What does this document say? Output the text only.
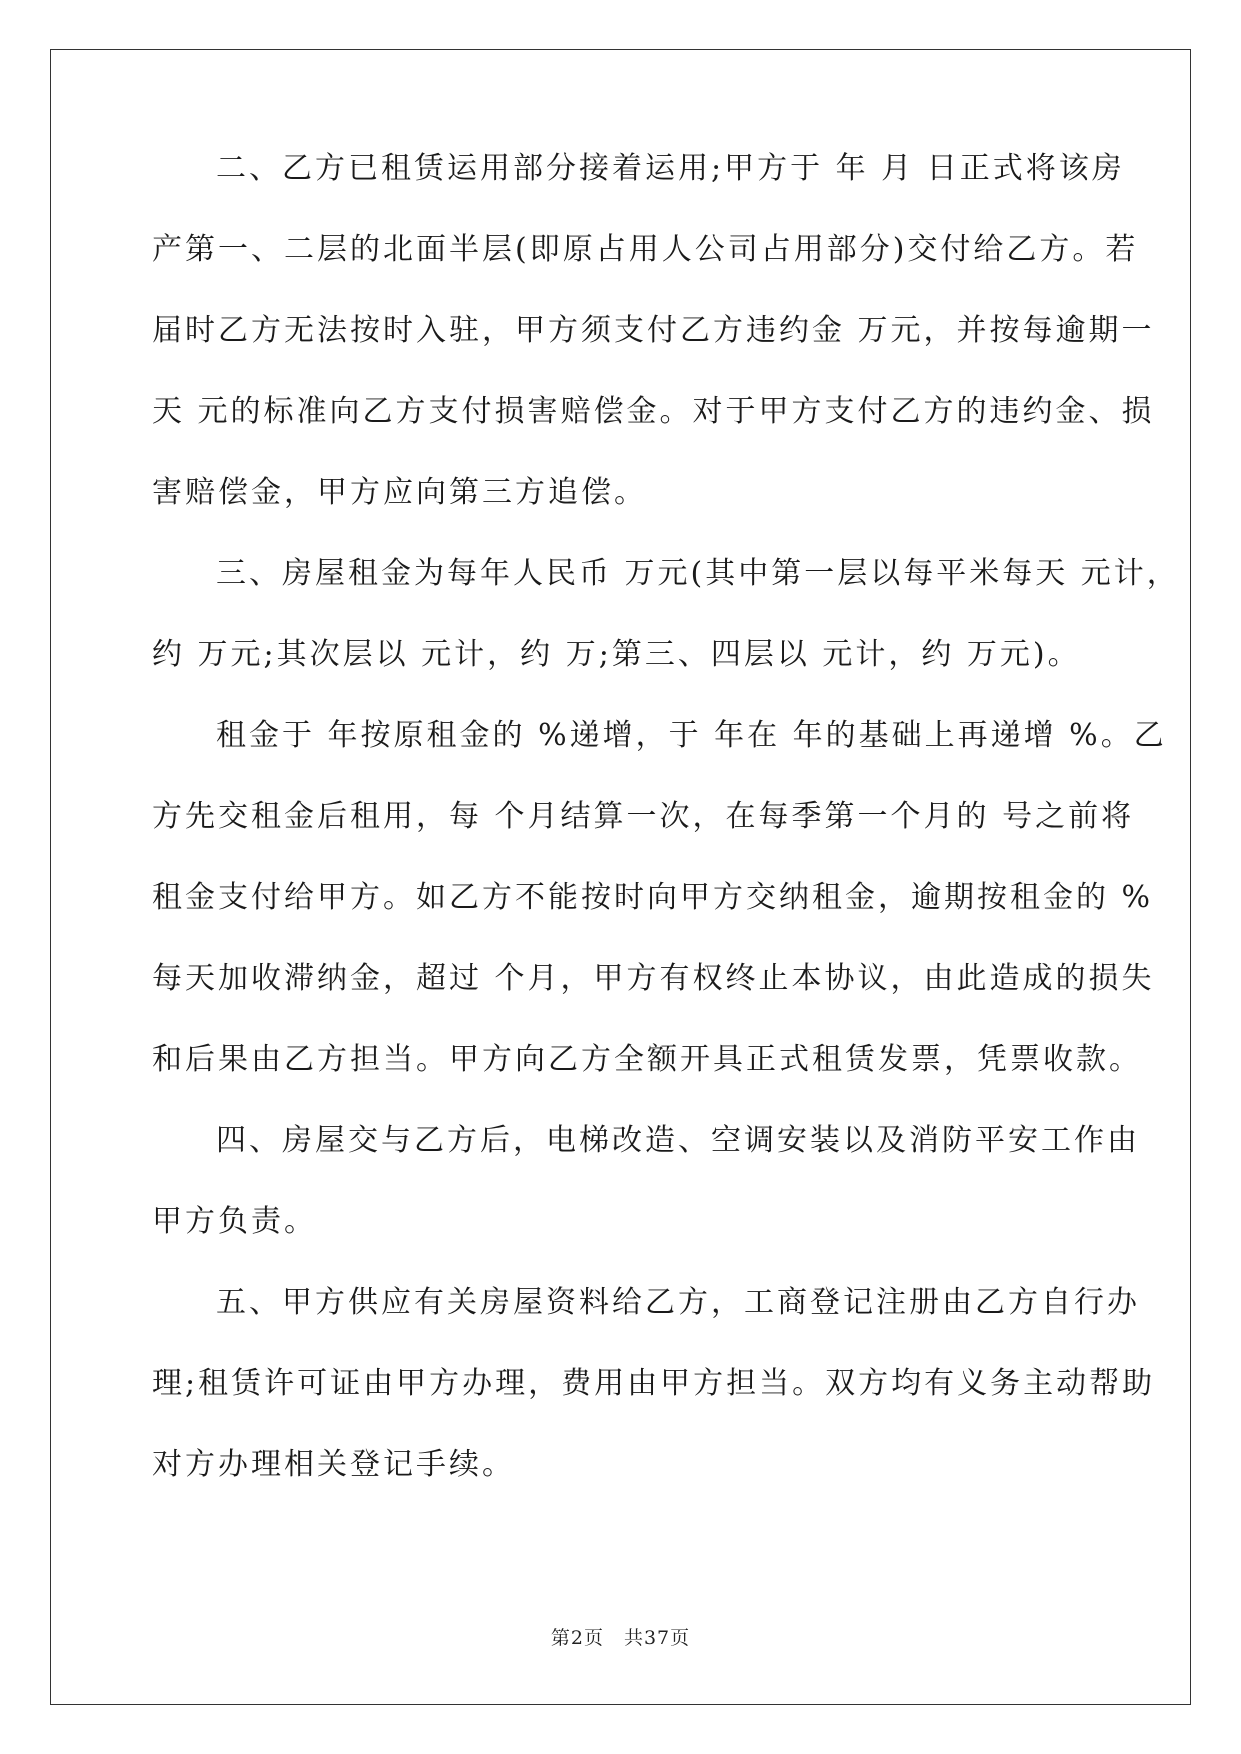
二、乙方已租赁运用部分接着运用;甲方于 年 月 日正式将该房
产第一、二层的北面半层(即原占用人公司占用部分)交付给乙方。若
届时乙方无法按时入驻，甲方须支付乙方违约金 万元，并按每逾期一
天 元的标准向乙方支付损害赔偿金。对于甲方支付乙方的违约金、损
害赔偿金，甲方应向第三方追偿。

三、房屋租金为每年人民币 万元(其中第一层以每平米每天 元计，
约 万元;其次层以 元计，约 万;第三、四层以 元计，约 万元)。

租金于 年按原租金的 %递增，于 年在 年的基础上再递增 %。乙
方先交租金后租用，每 个月结算一次，在每季第一个月的 号之前将
租金支付给甲方。如乙方不能按时向甲方交纳租金，逾期按租金的 %
每天加收滞纳金，超过 个月，甲方有权终止本协议，由此造成的损失
和后果由乙方担当。甲方向乙方全额开具正式租赁发票，凭票收款。

四、房屋交与乙方后，电梯改造、空调安装以及消防平安工作由
甲方负责。

五、甲方供应有关房屋资料给乙方，工商登记注册由乙方自行办
理;租赁许可证由甲方办理，费用由甲方担当。双方均有义务主动帮助
对方办理相关登记手续。

第2页　共37页
